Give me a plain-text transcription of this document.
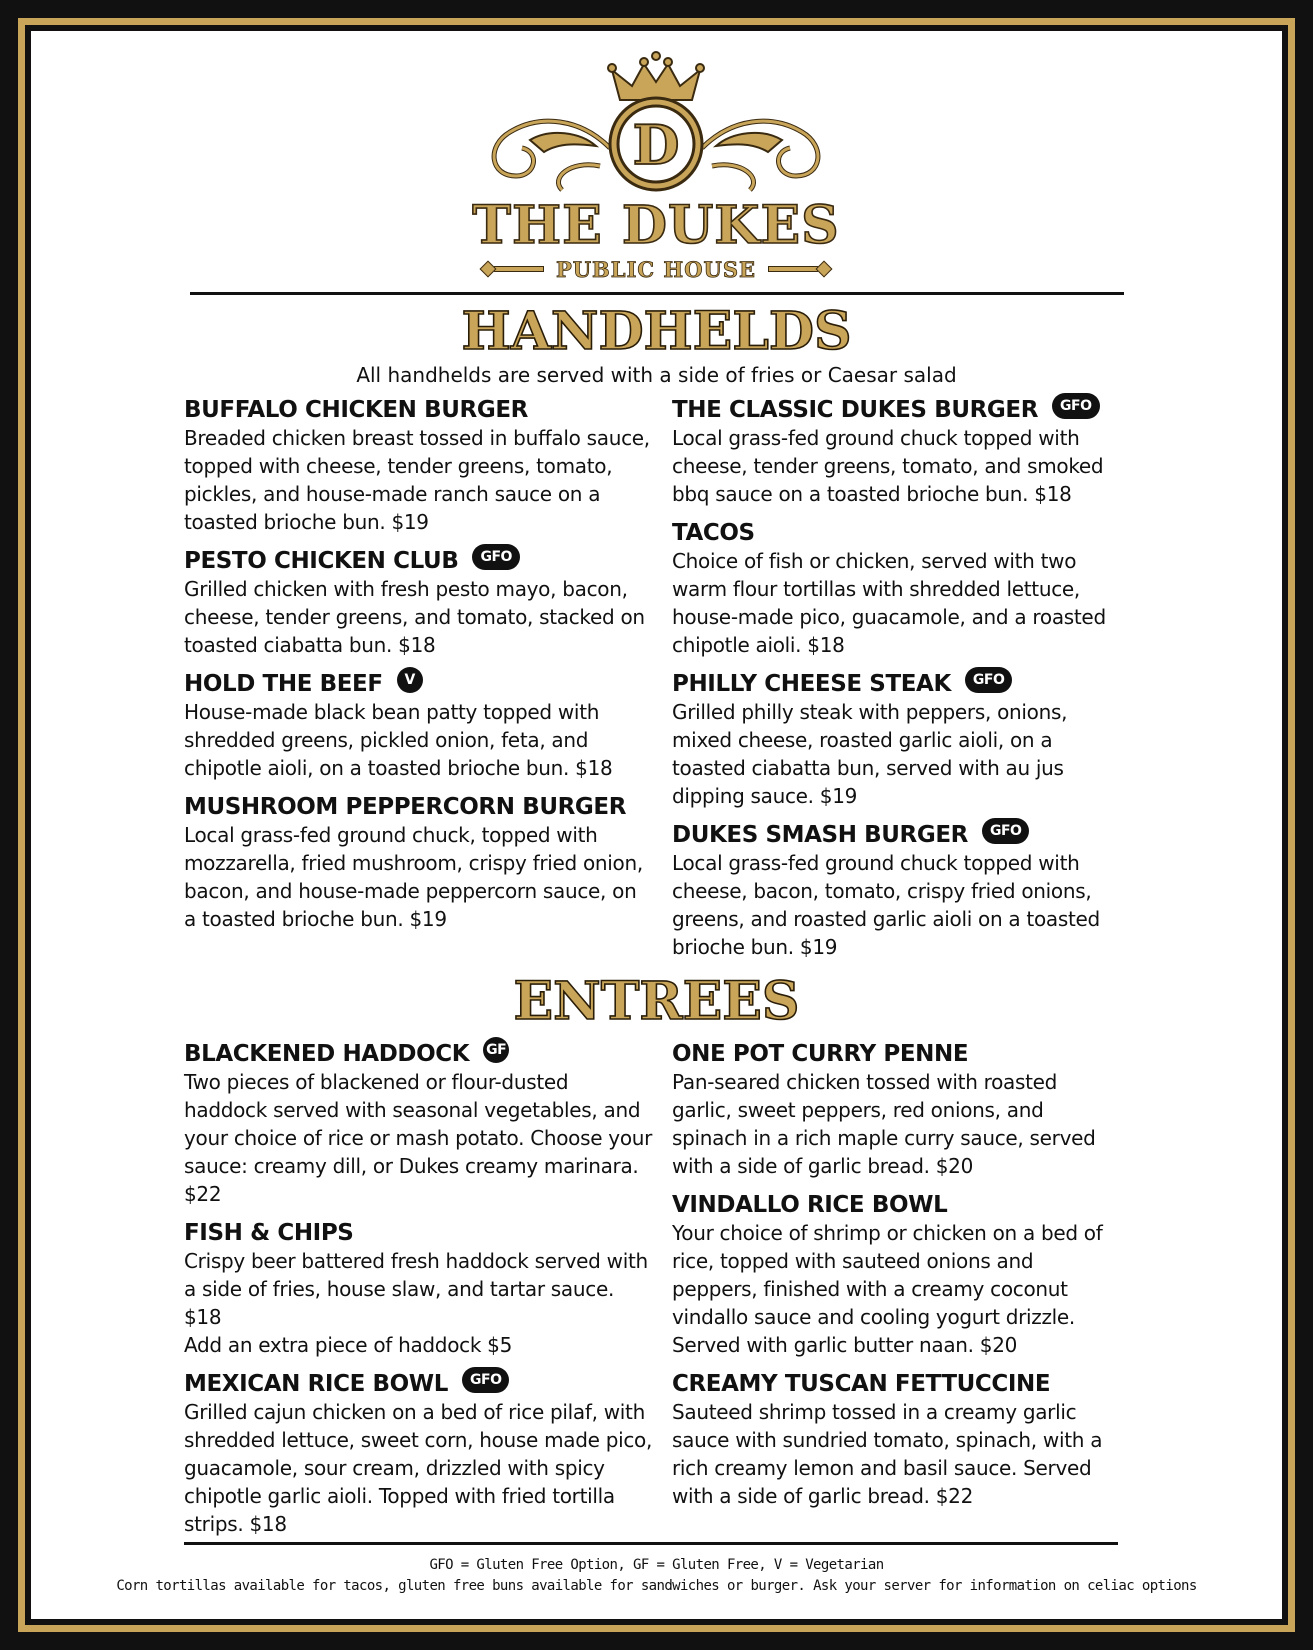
D
THE DUKES
PUBLIC HOUSE
HANDHELDS
All handhelds are served with a side of fries or Caesar salad
BUFFALO CHICKEN BURGER
Breaded chicken breast tossed in buffalo sauce, topped with cheese, tender greens, tomato, pickles, and house-made ranch sauce on a toasted brioche bun. $19
PESTO CHICKEN CLUB	GFO
Grilled chicken with fresh pesto mayo, bacon, cheese, tender greens, and tomato, stacked on toasted ciabatta bun. $18
HOLD THE BEEF	V
House-made black bean patty topped with shredded greens, pickled onion, feta, and chipotle aioli, on a toasted brioche bun. $18
MUSHROOM PEPPERCORN BURGER
Local grass-fed ground chuck, topped with mozzarella, fried mushroom, crispy fried onion, bacon, and house-made peppercorn sauce, on a toasted brioche bun. $19
THE CLASSIC DUKES BURGER	GFO
Local grass-fed ground chuck topped with cheese, tender greens, tomato, and smoked bbq sauce on a toasted brioche bun. $18
TACOS
Choice of fish or chicken, served with two warm flour tortillas with shredded lettuce, house-made pico, guacamole, and a roasted chipotle aioli. $18
PHILLY CHEESE STEAK	GFO
Grilled philly steak with peppers, onions, mixed cheese, roasted garlic aioli, on a toasted ciabatta bun, served with au jus dipping sauce. $19
DUKES SMASH BURGER	GFO
Local grass-fed ground chuck topped with cheese, bacon, tomato, crispy fried onions, greens, and roasted garlic aioli on a toasted brioche bun. $19
ENTREES
BLACKENED HADDOCK GF
Two pieces of blackened or flour-dusted haddock served with seasonal vegetables, and your choice of rice or mash potato. Choose your sauce: creamy dill, or Dukes creamy marinara. $22
FISH & CHIPS
Crispy beer battered fresh haddock served with a side of fries, house slaw, and tartar sauce. $18
Add an extra piece of haddock $5
MEXICAN RICE BOWL	GFO
Grilled cajun chicken on a bed of rice pilaf, with shredded lettuce, sweet corn, house made pico, guacamole, sour cream, drizzled with spicy chipotle garlic aioli. Topped with fried tortilla strips. $18
ONE POT CURRY PENNE
Pan-seared chicken tossed with roasted garlic, sweet peppers, red onions, and spinach in a rich maple curry sauce, served with a side of garlic bread. $20
VINDALLO RICE BOWL
Your choice of shrimp or chicken on a bed of rice, topped with sauteed onions and peppers, finished with a creamy coconut vindallo sauce and cooling yogurt drizzle. Served with garlic butter naan. $20
CREAMY TUSCAN FETTUCCINE
Sauteed shrimp tossed in a creamy garlic sauce with sundried tomato, spinach, with a rich creamy lemon and basil sauce. Served with a side of garlic bread. $22
GFO = Gluten Free Option, GF = Gluten Free, V = Vegetarian
Corn tortillas available for tacos, gluten free buns available for sandwiches or burger. Ask your server for information on celiac options
